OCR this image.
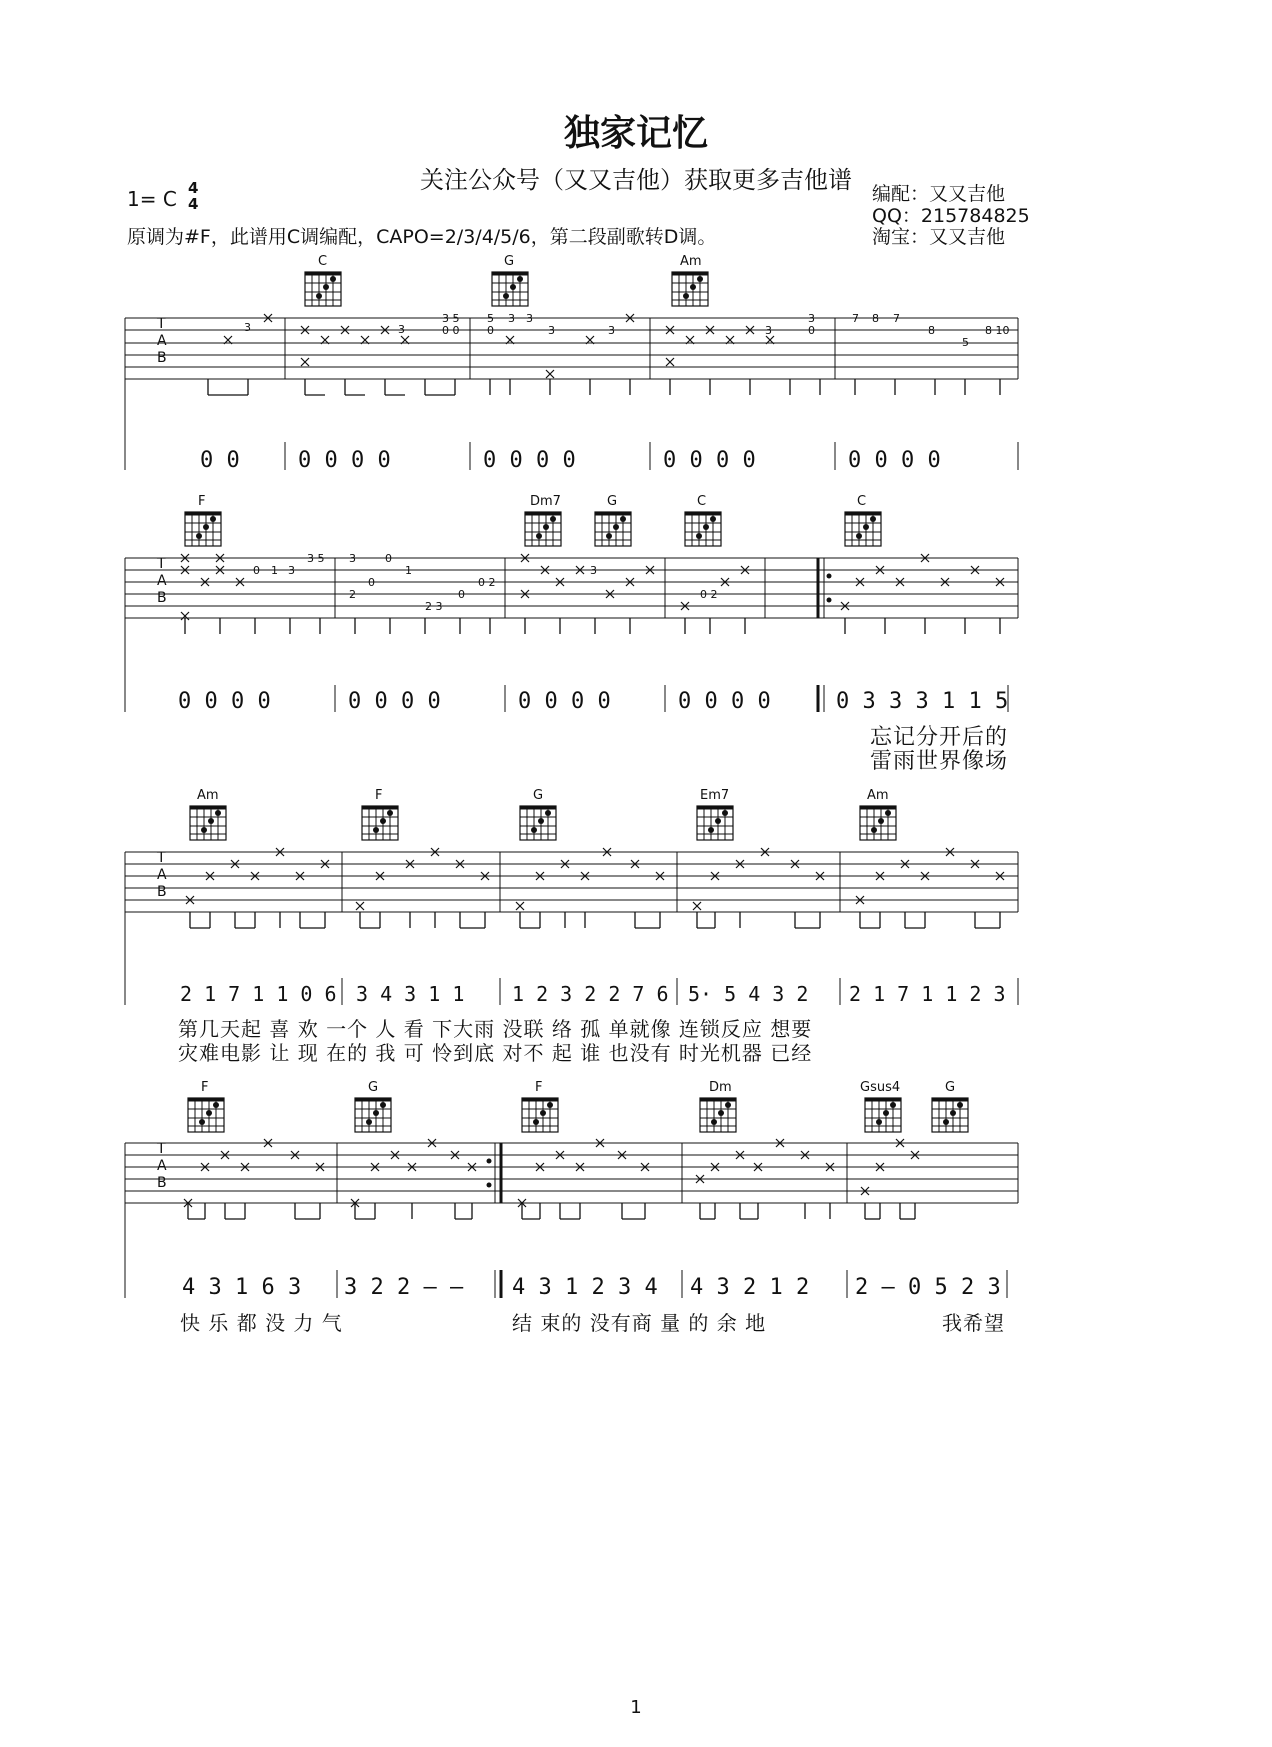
独家记忆
关注公众号（又又吉他）获取更多吉他谱
1= C 4
4
原调为#F，此谱用C调编配，CAPO=2/3/4/5/6，第二段副歌转D调。
编配：又又吉他
QQ：215784825
淘宝：又又吉他
3	3
3 5
0 0
5
0
3 3
3	3	3
3
0
7 8 7
8
5
8 10
0 1 3
3 5 3
2
0
0
1
2 3
0
0 2
3
0 2
T
A
B
T
A
B
T
A
B
T
A
B
C	G	Am
F	Dm7	G	C	C
Am	F	G	Em7	Am
F	G	F	Dm	Gsus4	G
0 0	0 0 0 0	0 0 0 0	0 0 0 0	0 0 0 0
0 0 0 0	0 0 0 0	0 0 0 0	0 0 0 0	0 3 3 3 1 1 5
忘记分开后的
雷雨世界像场
2 1 7 1 1 0 6 3 4 3 1 1 1 2 3 2 2 7 6 5· 5 4 3 2 2 1 7 1 1 2 3
第几天起 喜 欢 一个 人 看 下大雨 没联 络 孤 单就像 连锁反应 想要
灾难电影 让 现 在的 我 可 怜到底 对不 起 谁 也没有 时光机器 已经
4 3 1 6 3 3 2 2 – – 4 3 1 2 3 4 4 3 2 1 2 2 – 0 5 2 3
快 乐 都 没 力 气	结 束的 没有商 量 的 余 地	我希望
1
